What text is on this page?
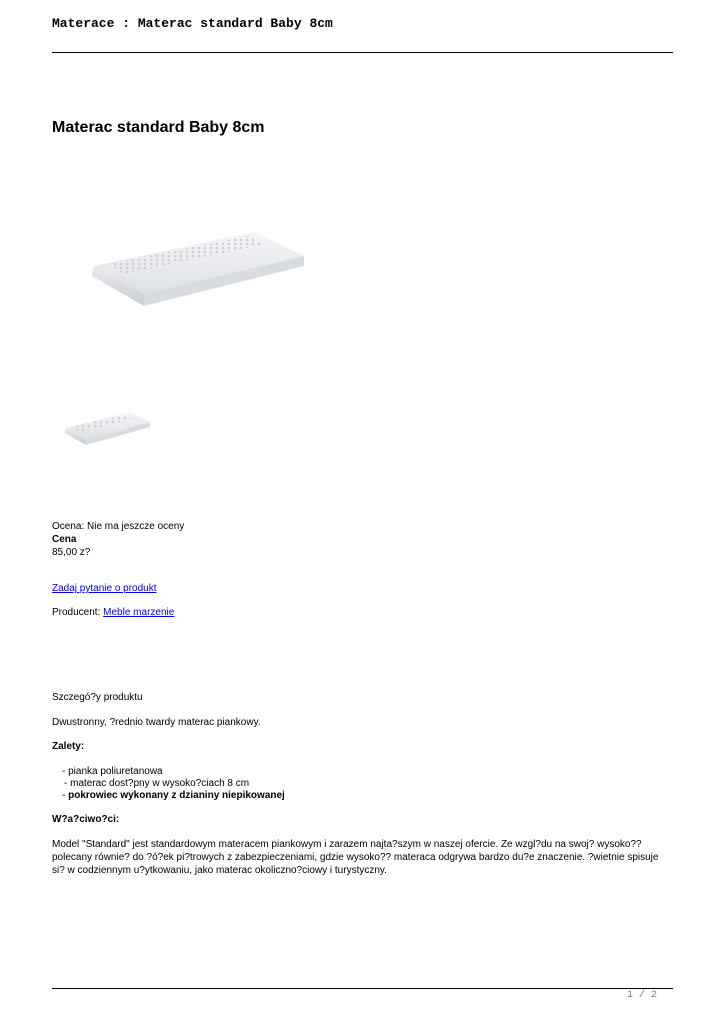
Materace : Materac standard Baby 8cm
Materac standard Baby 8cm
Ocena: Nie ma jeszcze oceny
Cena
85,00 z?
Zadaj pytanie o produkt
Producent: Meble marzenie
Szczegó?y produktu
Dwustronny, ?rednio twardy materac piankowy.
Zalety:
- pianka poliuretanowa
- materac dost?pny w wysoko?ciach 8 cm
- pokrowiec wykonany z dzianiny niepikowanej
W?a?ciwo?ci:
Model "Standard" jest standardowym materacem piankowym i zarazem najta?szym w naszej ofercie. Ze wzgl?du na swoj? wysoko?? polecany równie? do ?ó?ek pi?trowych z zabezpieczeniami, gdzie wysoko?? materaca odgrywa bardzo du?e znaczenie. ?wietnie spisuje si? w codziennym u?ytkowaniu, jako materac okoliczno?ciowy i turystyczny.
1 / 2
